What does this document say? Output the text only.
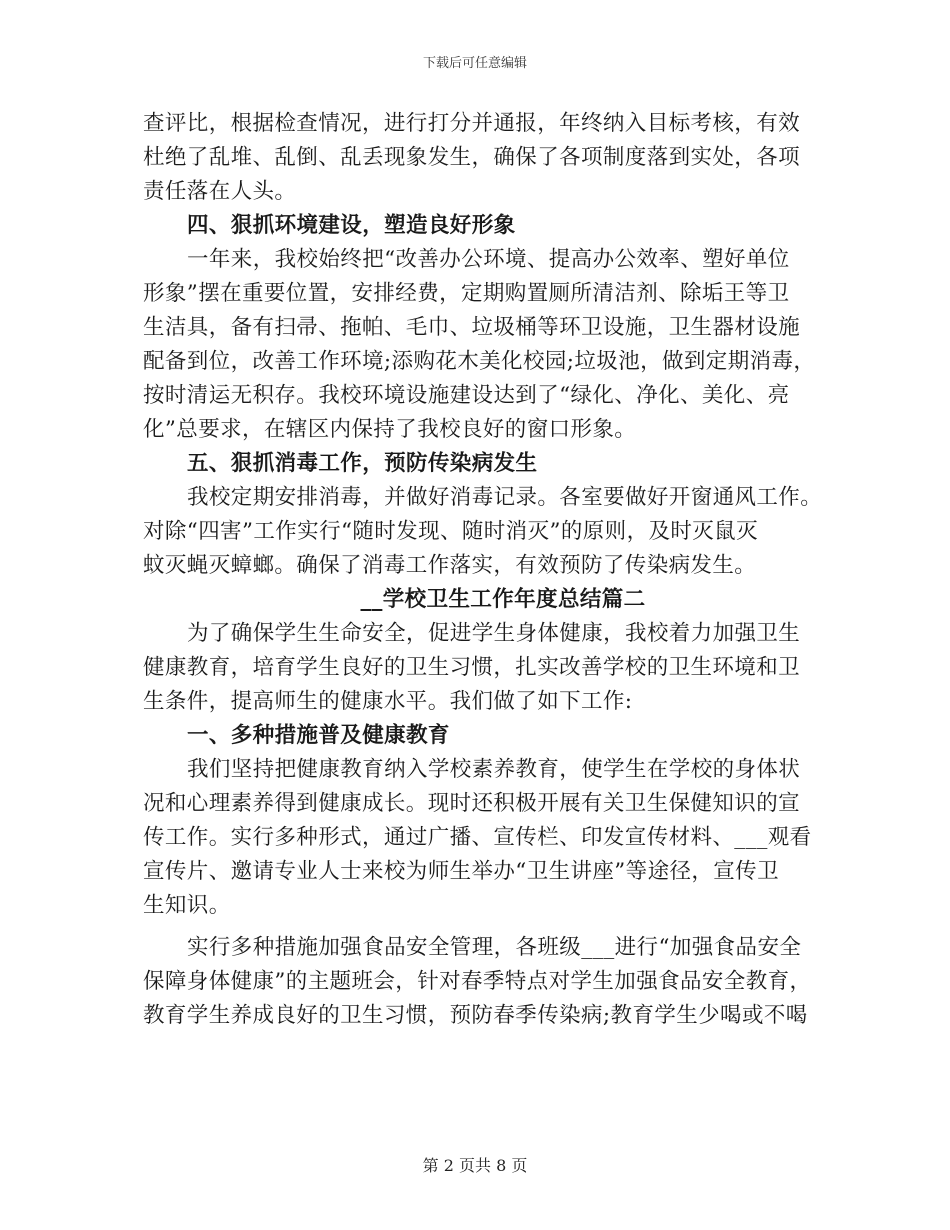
下载后可任意编辑

查评比，根据检查情况，进行打分并通报，年终纳入目标考核，有效

杜绝了乱堆、乱倒、乱丢现象发生，确保了各项制度落到实处，各项

责任落在人头。

四、狠抓环境建设，塑造良好形象

一年来，我校始终把“改善办公环境、提高办公效率、塑好单位

形象”摆在重要位置，安排经费，定期购置厕所清洁剂、除垢王等卫

生洁具，备有扫帚、拖帕、毛巾、垃圾桶等环卫设施，卫生器材设施

配备到位，改善工作环境;添购花木美化校园;垃圾池，做到定期消毒，

按时清运无积存。我校环境设施建设达到了“绿化、净化、美化、亮

化”总要求，在辖区内保持了我校良好的窗口形象。

五、狠抓消毒工作，预防传染病发生

我校定期安排消毒，并做好消毒记录。各室要做好开窗通风工作。

对除“四害”工作实行“随时发现、随时消灭”的原则，及时灭鼠灭

蚊灭蝇灭蟑螂。确保了消毒工作落实，有效预防了传染病发生。

__学校卫生工作年度总结篇二

为了确保学生生命安全，促进学生身体健康，我校着力加强卫生

健康教育，培育学生良好的卫生习惯，扎实改善学校的卫生环境和卫

生条件，提高师生的健康水平。我们做了如下工作:

一、多种措施普及健康教育

我们坚持把健康教育纳入学校素养教育，使学生在学校的身体状

况和心理素养得到健康成长。现时还积极开展有关卫生保健知识的宣

传工作。实行多种形式，通过广播、宣传栏、印发宣传材料、___观看

宣传片、邀请专业人士来校为师生举办“卫生讲座”等途径，宣传卫

生知识。

实行多种措施加强食品安全管理，各班级___进行“加强食品安全

保障身体健康”的主题班会，针对春季特点对学生加强食品安全教育，

教育学生养成良好的卫生习惯，预防春季传染病;教育学生少喝或不喝

第 2 页共 8 页
